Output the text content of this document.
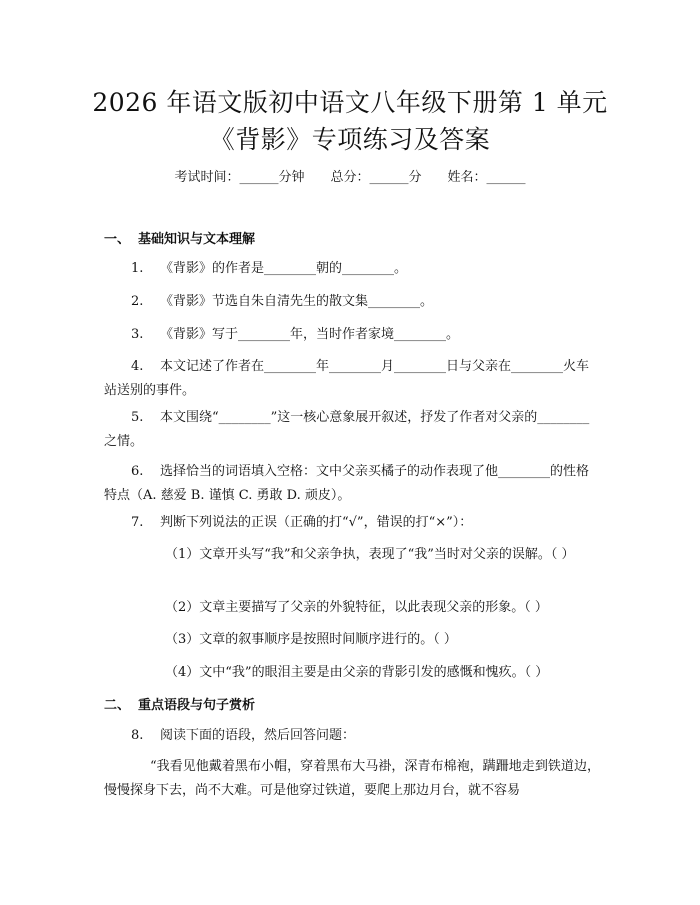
2026 年语文版初中语文八年级下册第 1 单元
《背影》专项练习及答案
考试时间：______分钟 总分：______分 姓名：______
一、 基础知识与文本理解
1. 《背影》的作者是________朝的________。
2. 《背影》节选自朱自清先生的散文集________。
3. 《背影》写于________年，当时作者家境________。
4. 本文记述了作者在________年________月________日与父亲在________火车站送别的事件。
5. 本文围绕“________”这一核心意象展开叙述，抒发了作者对父亲的________之情。
6. 选择恰当的词语填入空格：文中父亲买橘子的动作表现了他________的性格特点（A. 慈爱 B. 谨慎 C. 勇敢 D. 顽皮）。
7. 判断下列说法的正误（正确的打“√”，错误的打“×”）：
（1）文章开头写“我”和父亲争执，表现了“我”当时对父亲的误解。（ ）
（2）文章主要描写了父亲的外貌特征，以此表现父亲的形象。（ ）
（3）文章的叙事顺序是按照时间顺序进行的。（ ）
（4）文中“我”的眼泪主要是由父亲的背影引发的感慨和愧疚。（ ）
二、 重点语段与句子赏析
8. 阅读下面的语段，然后回答问题：
“我看见他戴着黑布小帽，穿着黑布大马褂，深青布棉袍，蹒跚地走到铁道边，慢慢探身下去，尚不大难。可是他穿过铁道，要爬上那边月台，就不容易
